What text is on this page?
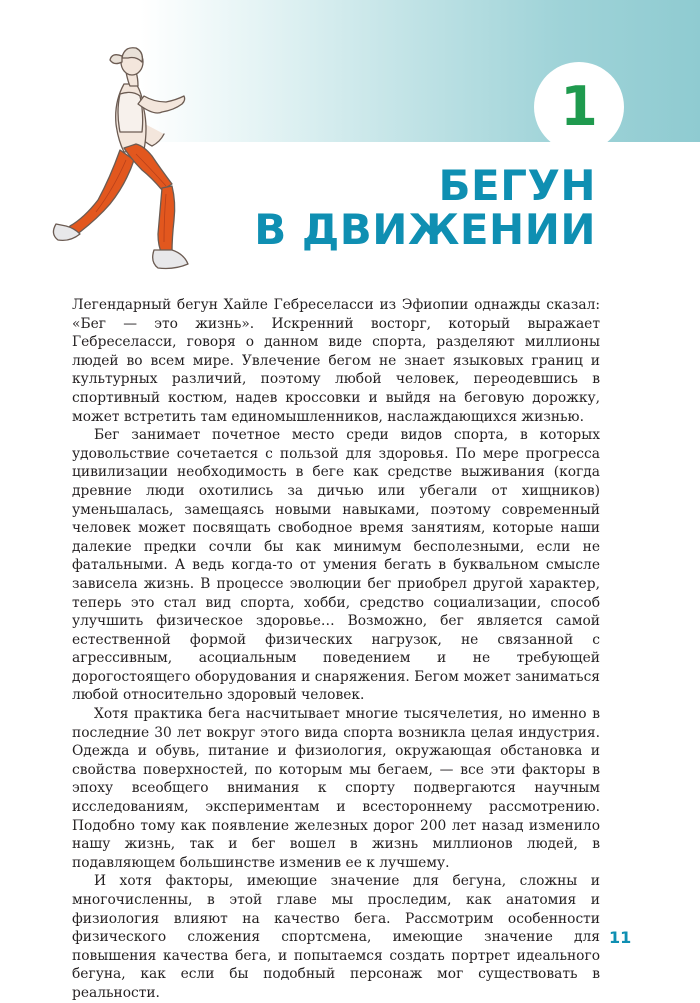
1
БЕГУН
В ДВИЖЕНИИ

Легендарный бегун Хайле Гебреселасси из Эфиопии однажды сказал: «Бег — это жизнь». Искренний восторг, который выражает Гебреселасси, говоря о данном виде спорта, разделяют миллионы людей во всем мире. Увлечение бегом не знает языковых границ и культурных различий, поэтому любой человек, переодевшись в спортивный костюм, надев кроссовки и выйдя на беговую дорожку, может встретить там единомышленников, наслаждающихся жизнью.

Бег занимает почетное место среди видов спорта, в которых удовольствие сочетается с пользой для здоровья. По мере прогресса цивилизации необходимость в беге как средстве выживания (когда древние люди охотились за дичью или убегали от хищников) уменьшалась, замещаясь новыми навыками, поэтому современный человек может посвящать свободное время занятиям, которые наши далекие предки сочли бы как минимум бесполезными, если не фатальными. А ведь когда-то от умения бегать в буквальном смысле зависела жизнь. В процессе эволюции бег приобрел другой характер, теперь это стал вид спорта, хобби, средство социализации, способ улучшить физическое здоровье… Возможно, бег является самой естественной формой физических нагрузок, не связанной с агрессивным, асоциальным поведением и не требующей дорогостоящего оборудования и снаряжения. Бегом может заниматься любой относительно здоровый человек.

Хотя практика бега насчитывает многие тысячелетия, но именно в последние 30 лет вокруг этого вида спорта возникла целая индустрия. Одежда и обувь, питание и физиология, окружающая обстановка и свойства поверхностей, по которым мы бегаем, — все эти факторы в эпоху всеобщего внимания к спорту подвергаются научным исследованиям, экспериментам и всестороннему рассмотрению. Подобно тому как появление железных дорог 200 лет назад изменило нашу жизнь, так и бег вошел в жизнь миллионов людей, в подавляющем большинстве изменив ее к лучшему.

И хотя факторы, имеющие значение для бегуна, сложны и многочисленны, в этой главе мы проследим, как анатомия и физиология влияют на качество бега. Рассмотрим особенности физического сложения спортсмена, имеющие значение для повышения качества бега, и попытаемся создать портрет идеального бегуна, как если бы подобный персонаж мог существовать в реальности.

11
